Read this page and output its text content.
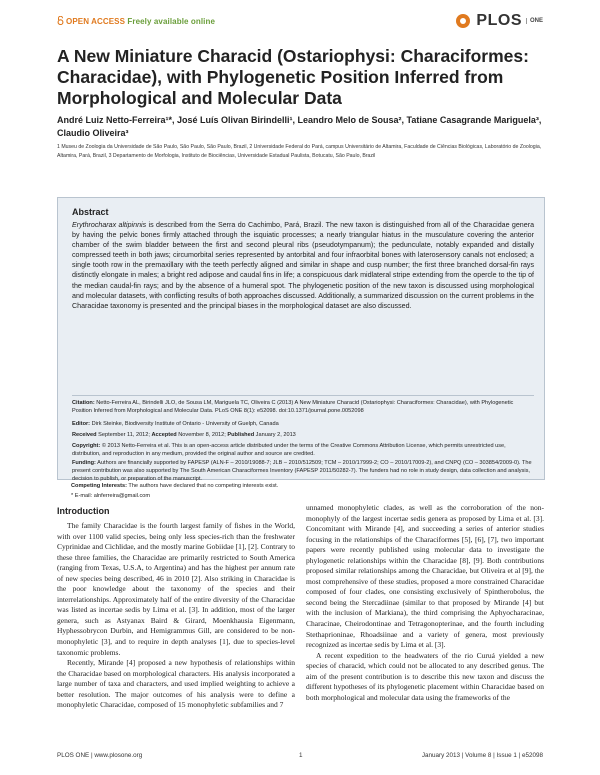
OPEN ACCESS Freely available online	PLOS	ONE
A New Miniature Characid (Ostariophysi: Characiformes: Characidae), with Phylogenetic Position Inferred from Morphological and Molecular Data
André Luiz Netto-Ferreira¹*, José Luís Olivan Birindelli¹, Leandro Melo de Sousa², Tatiane Casagrande Mariguela³, Claudio Oliveira³
1 Museu de Zoologia da Universidade de São Paulo, São Paulo, São Paulo, Brazil, 2 Universidade Federal do Pará, campus Universitário de Altamira, Faculdade de Ciências Biológicas, Laboratório de Zoologia, Altamira, Pará, Brazil, 3 Departamento de Morfologia, Instituto de Biociências, Universidade Estadual Paulista, Botucatu, São Paulo, Brazil
Abstract
Erythrocharax altipinnis is described from the Serra do Cachimbo, Pará, Brazil. The new taxon is distinguished from all of the Characidae genera by having the pelvic bones firmly attached through the isquiatic processes; a nearly triangular hiatus in the musculature covering the anterior chamber of the swim bladder between the first and second pleural ribs (pseudotympanum); the pedunculate, notably expanded and distally compressed teeth in both jaws; circumorbital series represented by antorbital and four infraorbital bones with laterosensory canals not enclosed; a single tooth row in the premaxillary with the teeth perfectly aligned and similar in shape and cusp number; the first three branched dorsal-fin rays distinctly elongate in males; a bright red adipose and caudal fins in life; a conspicuous dark midlateral stripe extending from the opercle to the tip of the median caudal-fin rays; and by the absence of a humeral spot. The phylogenetic position of the new taxon is discussed using morphological and molecular datasets, with conflicting results of both approaches discussed. Additionally, a summarized discussion on the current problems in the Characidae taxonomy is presented and the principal biases in the morphological dataset are also discussed.
Citation: Netto-Ferreira AL, Birindelli JLO, de Sousa LM, Mariguela TC, Oliveira C (2013) A New Miniature Characid (Ostariophysi: Characiformes: Characidae), with Phylogenetic Position Inferred from Morphological and Molecular Data. PLoS ONE 8(1): e52098. doi:10.1371/journal.pone.0052098
Editor: Dirk Steinke, Biodiversity Institute of Ontario - University of Guelph, Canada
Received September 11, 2012; Accepted November 8, 2012; Published January 2, 2013
Copyright: © 2013 Netto-Ferreira et al. This is an open-access article distributed under the terms of the Creative Commons Attribution License, which permits unrestricted use, distribution, and reproduction in any medium, provided the original author and source are credited.
Funding: Authors are financially supported by FAPESP (ALN-F – 2010/19088-7; JLB – 2010/512509; TCM – 2010/17999-2; CO – 2010/17009-2), and CNPQ (CO – 303854/2009-0). The present contribution was also supported by The South American Characiformes Inventory (FAPESP 2011/50282-7). The funders had no role in study design, data collection and analysis, decision to publish, or preparation of the manuscript.
Competing Interests: The authors have declared that no competing interests exist.
* E-mail: alnferreira@gmail.com
Introduction

The family Characidae is the fourth largest family of fishes in the World, with over 1100 valid species, being only less species-rich than the freshwater Cyprinidae and Cichlidae, and the mostly marine Gobiidae [1], [2]. Contrary to these three families, the Characidae are primarily restricted to South America (ranging from Texas, U.S.A, to Argentina) and has the highest per annum rate of new species being described, 46 in 2010 [2]. Also striking in Characidae is the poor knowledge about the taxonomy of the species and their interrelationships. Approximately half of the entire diversity of the Characidae was listed as incertae sedis by Lima et al. [3]. In addition, most of the larger genera, such as Astyanax Baird & Girard, Moenkhausia Eigenmann, Hyphessobrycon Durbin, and Hemigrammus Gill, are considered to be non-monophyletic [3], and to require in depth analyses [1], due to species-level taxonomic problems.

Recently, Mirande [4] proposed a new hypothesis of relationships within the Characidae based on morphological characters. His analysis incorporated a large number of taxa and characters, and used implied weighting to achieve a better resolution. The major outcomes of his analysis were to define a monophyletic Characidae, composed of 15 monophyletic subfamilies and 7

unnamed monophyletic clades, as well as the corroboration of the non-monophyly of the largest incertae sedis genera as proposed by Lima et al. [3]. Concomitant with Mirande [4], and succeeding a series of anterior studies focusing in the relationships of the Characiformes [5], [6], [7], two important papers were recently published using molecular data to investigate the phylogenetic relationships within the Characidae [8], [9]. Both contributions proposed similar relationships among the Characidae, but Oliveira et al [9], the most comprehensive of these studies, proposed a more constrained Characidae composed of four clades, one consisting exclusively of Spintherobolus, the second being the Stercadiinae (similar to that proposed by Mirande [4] but with the inclusion of Markiana), the third comprising the Aphyocharacinae, Characinae, Cheirodontinae and Tetragonopterinae, and the fourth including Stethaprioninae, Rhoadsiinae and a variety of genera, most previously recognized as incertae sedis by Lima et al. [3].

A recent expedition to the headwaters of the rio Curuá yielded a new species of characid, which could not be allocated to any described genus. The aim of the present contribution is to describe this new taxon and discuss the different hypotheses of its phylogenetic placement within Characidae based on both morphological and molecular data using the frameworks of the

PLOS ONE | www.plosone.org	1	January 2013 | Volume 8 | Issue 1 | e52098
